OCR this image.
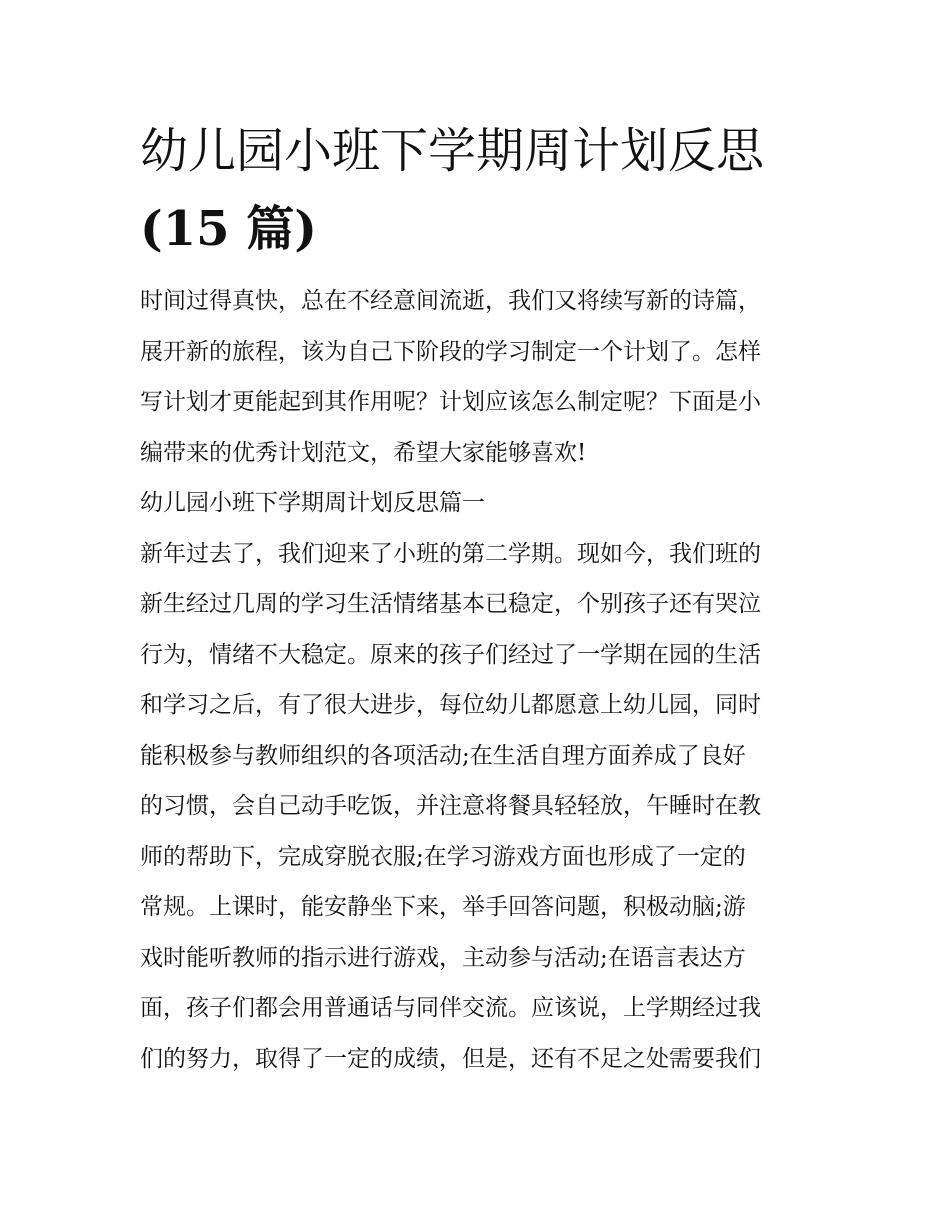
幼儿园小班下学期周计划反思
(15 篇)
时间过得真快，总在不经意间流逝，我们又将续写新的诗篇，
展开新的旅程，该为自己下阶段的学习制定一个计划了。怎样
写计划才更能起到其作用呢？计划应该怎么制定呢？下面是小
编带来的优秀计划范文，希望大家能够喜欢!
幼儿园小班下学期周计划反思篇一
新年过去了，我们迎来了小班的第二学期。现如今，我们班的
新生经过几周的学习生活情绪基本已稳定，个别孩子还有哭泣
行为，情绪不大稳定。原来的孩子们经过了一学期在园的生活
和学习之后，有了很大进步，每位幼儿都愿意上幼儿园，同时
能积极参与教师组织的各项活动;在生活自理方面养成了良好
的习惯，会自己动手吃饭，并注意将餐具轻轻放，午睡时在教
师的帮助下，完成穿脱衣服;在学习游戏方面也形成了一定的
常规。上课时，能安静坐下来，举手回答问题，积极动脑;游
戏时能听教师的指示进行游戏，主动参与活动;在语言表达方
面，孩子们都会用普通话与同伴交流。应该说，上学期经过我
们的努力，取得了一定的成绩，但是，还有不足之处需要我们
